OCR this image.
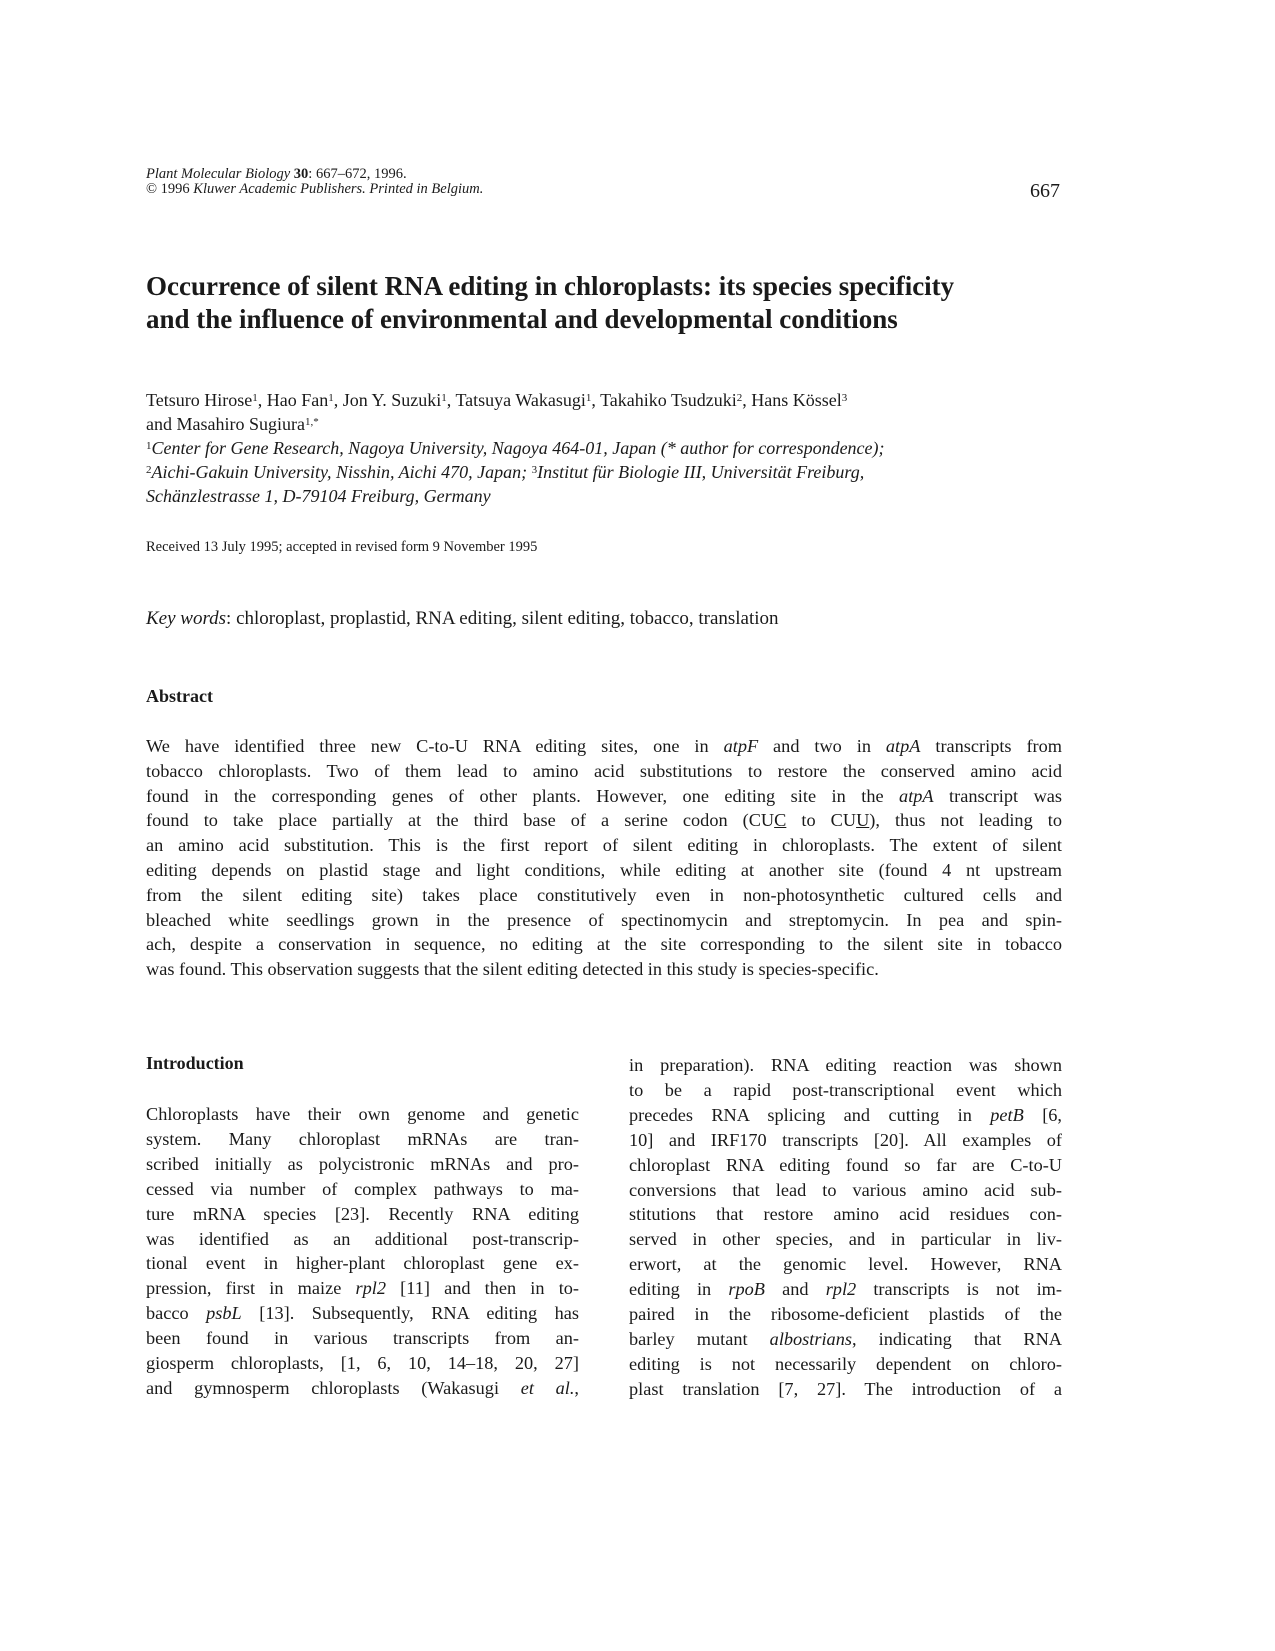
Plant Molecular Biology 30: 667–672, 1996.
© 1996 Kluwer Academic Publishers. Printed in Belgium.	667
Occurrence of silent RNA editing in chloroplasts: its species specificity
and the influence of environmental and developmental conditions
Tetsuro Hirose$^1$, Hao Fan$^1$, Jon Y. Suzuki$^1$, Tatsuya Wakasugi$^1$, Takahiko Tsudzuki$^2$, Hans Kössel$^3$
and Masahiro Sugiura$^{1,*}$
$^1$Center for Gene Research, Nagoya University, Nagoya 464-01, Japan (* author for correspondence);
$^2$Aichi-Gakuin University, Nisshin, Aichi 470, Japan; $^3$Institut für Biologie III, Universität Freiburg,
Schänzlestrasse 1, D-79104 Freiburg, Germany
Received 13 July 1995; accepted in revised form 9 November 1995
Key words: chloroplast, proplastid, RNA editing, silent editing, tobacco, translation
Abstract
We have identified three new C-to-U RNA editing sites, one in atpF and two in atpA transcripts from
tobacco chloroplasts. Two of them lead to amino acid substitutions to restore the conserved amino acid
found in the corresponding genes of other plants. However, one editing site in the atpA transcript was
found to take place partially at the third base of a serine codon (CUC to CUU), thus not leading to
an amino acid substitution. This is the first report of silent editing in chloroplasts. The extent of silent
editing depends on plastid stage and light conditions, while editing at another site (found 4 nt upstream
from the silent editing site) takes place constitutively even in non-photosynthetic cultured cells and
bleached white seedlings grown in the presence of spectinomycin and streptomycin. In pea and spin-
ach, despite a conservation in sequence, no editing at the site corresponding to the silent site in tobacco
was found. This observation suggests that the silent editing detected in this study is species-specific.
Introduction
Chloroplasts have their own genome and genetic
system. Many chloroplast mRNAs are tran-
scribed initially as polycistronic mRNAs and pro-
cessed via number of complex pathways to ma-
ture mRNA species [23]. Recently RNA editing
was identified as an additional post-transcrip-
tional event in higher-plant chloroplast gene ex-
pression, first in maize rpl2 [11] and then in to-
bacco psbL [13]. Subsequently, RNA editing has
been found in various transcripts from an-
giosperm chloroplasts, [1, 6, 10, 14–18, 20, 27]
and gymnosperm chloroplasts (Wakasugi et al.,
in preparation). RNA editing reaction was shown
to be a rapid post-transcriptional event which
precedes RNA splicing and cutting in petB [6,
10] and IRF170 transcripts [20]. All examples of
chloroplast RNA editing found so far are C-to-U
conversions that lead to various amino acid sub-
stitutions that restore amino acid residues con-
served in other species, and in particular in liv-
erwort, at the genomic level. However, RNA
editing in rpoB and rpl2 transcripts is not im-
paired in the ribosome-deficient plastids of the
barley mutant albostrians, indicating that RNA
editing is not necessarily dependent on chloro-
plast translation [7, 27]. The introduction of a
